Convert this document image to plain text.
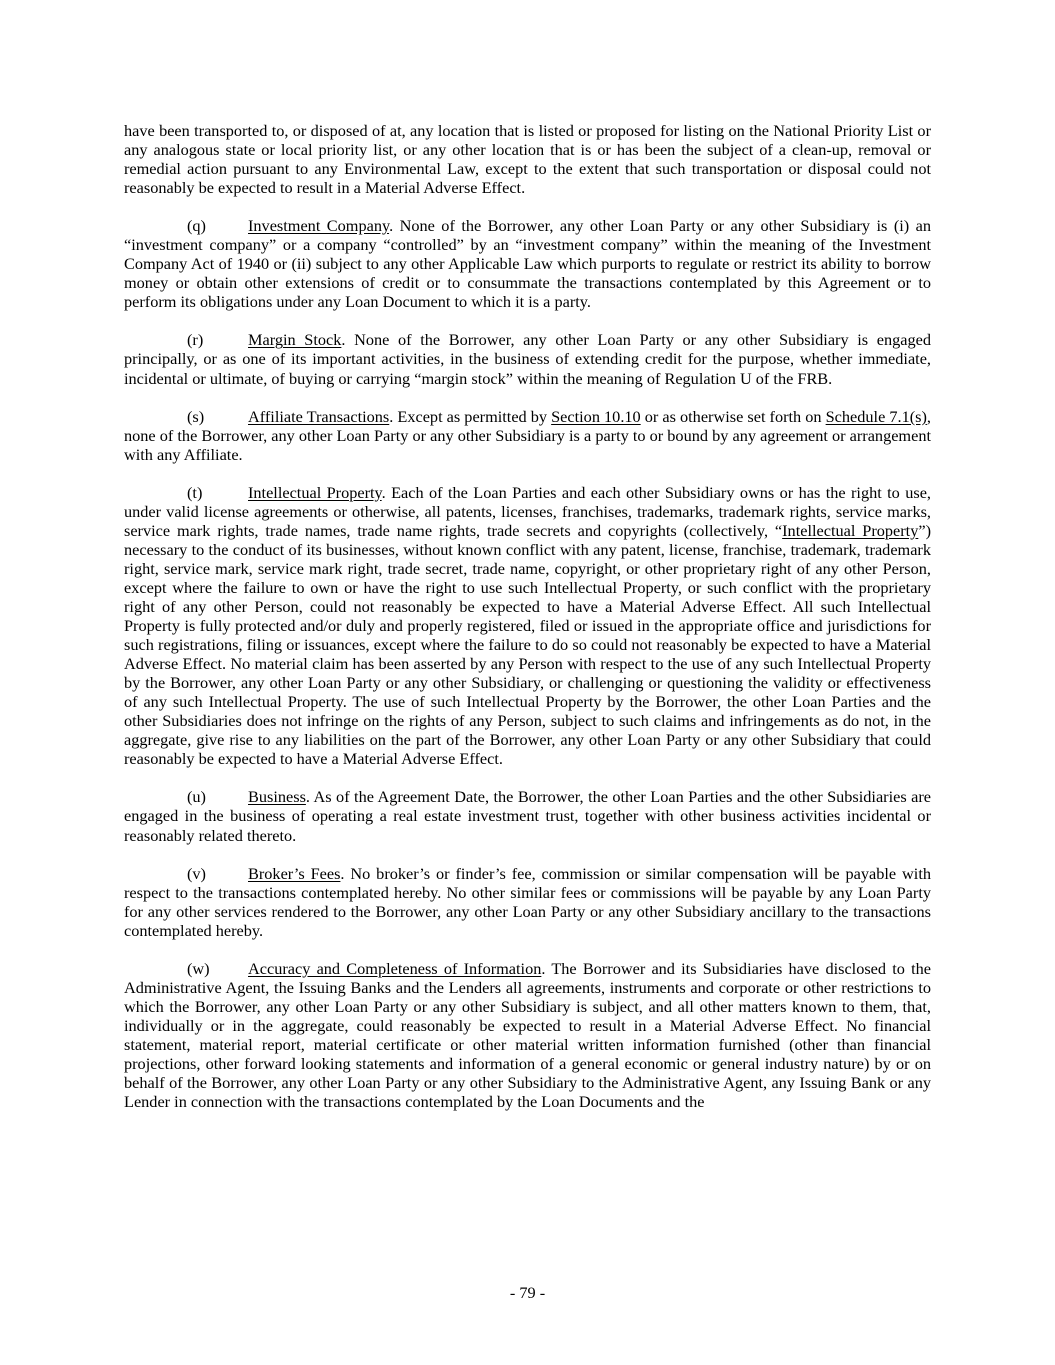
have been transported to, or disposed of at, any location that is listed or proposed for listing on the National Priority List or any analogous state or local priority list, or any other location that is or has been the subject of a clean-up, removal or remedial action pursuant to any Environmental Law, except to the extent that such transportation or disposal could not reasonably be expected to result in a Material Adverse Effect.

(q)	Investment Company. None of the Borrower, any other Loan Party or any other Subsidiary is (i) an “investment company” or a company “controlled” by an “investment company” within the meaning of the Investment Company Act of 1940 or (ii) subject to any other Applicable Law which purports to regulate or restrict its ability to borrow money or obtain other extensions of credit or to consummate the transactions contemplated by this Agreement or to perform its obligations under any Loan Document to which it is a party.

(r)	Margin Stock. None of the Borrower, any other Loan Party or any other Subsidiary is engaged principally, or as one of its important activities, in the business of extending credit for the purpose, whether immediate, incidental or ultimate, of buying or carrying “margin stock” within the meaning of Regulation U of the FRB.

(s)	Affiliate Transactions. Except as permitted by Section 10.10 or as otherwise set forth on Schedule 7.1(s), none of the Borrower, any other Loan Party or any other Subsidiary is a party to or bound by any agreement or arrangement with any Affiliate.

(t)	Intellectual Property. Each of the Loan Parties and each other Subsidiary owns or has the right to use, under valid license agreements or otherwise, all patents, licenses, franchises, trademarks, trademark rights, service marks, service mark rights, trade names, trade name rights, trade secrets and copyrights (collectively, “Intellectual Property”) necessary to the conduct of its businesses, without known conflict with any patent, license, franchise, trademark, trademark right, service mark, service mark right, trade secret, trade name, copyright, or other proprietary right of any other Person, except where the failure to own or have the right to use such Intellectual Property, or such conflict with the proprietary right of any other Person, could not reasonably be expected to have a Material Adverse Effect. All such Intellectual Property is fully protected and/or duly and properly registered, filed or issued in the appropriate office and jurisdictions for such registrations, filing or issuances, except where the failure to do so could not reasonably be expected to have a Material Adverse Effect. No material claim has been asserted by any Person with respect to the use of any such Intellectual Property by the Borrower, any other Loan Party or any other Subsidiary, or challenging or questioning the validity or effectiveness of any such Intellectual Property. The use of such Intellectual Property by the Borrower, the other Loan Parties and the other Subsidiaries does not infringe on the rights of any Person, subject to such claims and infringements as do not, in the aggregate, give rise to any liabilities on the part of the Borrower, any other Loan Party or any other Subsidiary that could reasonably be expected to have a Material Adverse Effect.

(u)	Business. As of the Agreement Date, the Borrower, the other Loan Parties and the other Subsidiaries are engaged in the business of operating a real estate investment trust, together with other business activities incidental or reasonably related thereto.

(v)	Broker’s Fees. No broker’s or finder’s fee, commission or similar compensation will be payable with respect to the transactions contemplated hereby. No other similar fees or commissions will be payable by any Loan Party for any other services rendered to the Borrower, any other Loan Party or any other Subsidiary ancillary to the transactions contemplated hereby.

(w) Accuracy and Completeness of Information. The Borrower and its Subsidiaries have disclosed to the Administrative Agent, the Issuing Banks and the Lenders all agreements, instruments and corporate or other restrictions to which the Borrower, any other Loan Party or any other Subsidiary is subject, and all other matters known to them, that, individually or in the aggregate, could reasonably be expected to result in a Material Adverse Effect. No financial statement, material report, material certificate or other material written information furnished (other than financial projections, other forward looking statements and information of a general economic or general industry nature) by or on behalf of the Borrower, any other Loan Party or any other Subsidiary to the Administrative Agent, any Issuing Bank or any Lender in connection with the transactions contemplated by the Loan Documents and the

- 79 -
